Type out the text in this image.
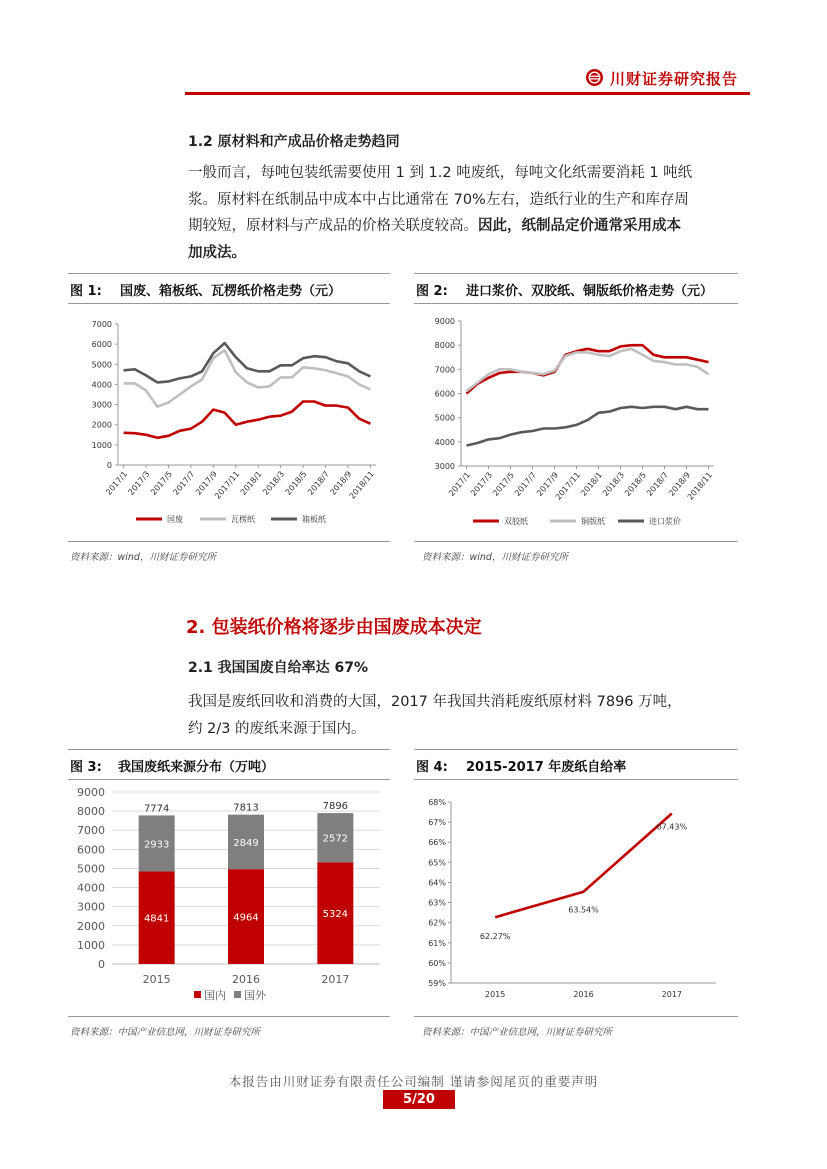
川财证券研究报告
1.2 原材料和产成品价格走势趋同
一般而言，每吨包装纸需要使用 1 到 1.2 吨废纸，每吨文化纸需要消耗 1 吨纸
浆。原材料在纸制品中成本中占比通常在 70%左右，造纸行业的生产和库存周
期较短，原材料与产成品的价格关联度较高。因此，纸制品定价通常采用成本
加成法。
图 1: 国废、箱板纸、瓦楞纸价格走势（元）
0
1000
2000
3000
4000
5000
6000
7000
2017/1
2017/3
2017/5
2017/7
2017/9
2017/11
2018/1
2018/3
2018/5
2018/7
2018/9
2018/11
国废	瓦楞纸	箱板纸
资料来源：wind，川财证券研究所
图 2: 进口浆价、双胶纸、铜版纸价格走势（元）
3000
4000
5000
6000
7000
8000
9000
2017/1
2017/3
2017/5
2017/7
2017/9
2017/11
2018/1
2018/3
2018/5
2018/7
2018/9
2018/11
双胶纸	铜版纸	进口浆价
资料来源：wind，川财证券研究所
2. 包装纸价格将逐步由国废成本决定
2.1 我国国废自给率达 67%
我国是废纸回收和消费的大国，2017 年我国共消耗废纸原材料 7896 万吨，
约 2/3 的废纸来源于国内。
图 3: 我国废纸来源分布（万吨）
0
1000
2000
3000
4000
5000
6000
7000
8000
9000
4841
2933
7774
2015
4964
2849
7813
2016
5324
2572
7896
2017
国内 国外
资料来源：中国产业信息网，川财证券研究所
图 4: 2015-2017 年废纸自给率
59%
60%
61%
62%
63%
64%
65%
66%
67%
68%
2015	2016	2017
62.27%
63.54%
67.43%
资料来源：中国产业信息网，川财证券研究所
本报告由川财证券有限责任公司编制 谨请参阅尾页的重要声明
5/20
